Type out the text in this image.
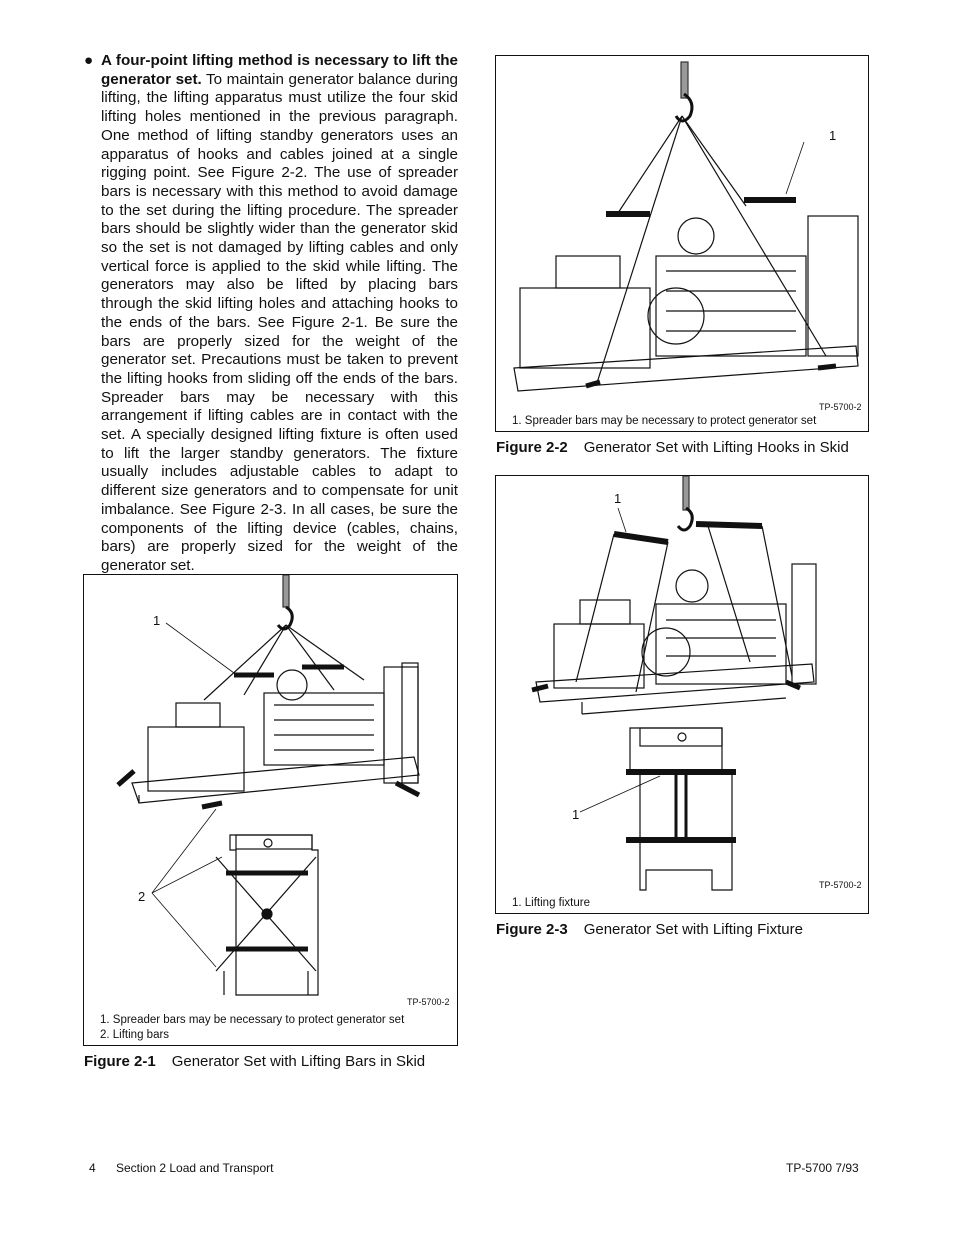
● A four-point lifting method is necessary to lift the generator set. To maintain generator balance during lifting, the lifting apparatus must utilize the four skid lifting holes mentioned in the previous paragraph. One method of lifting standby generators uses an apparatus of hooks and cables joined at a single rigging point. See Figure 2-2. The use of spreader bars is necessary with this method to avoid damage to the set during the lifting procedure. The spreader bars should be slightly wider than the generator skid so the set is not damaged by lifting cables and only vertical force is applied to the skid while lifting. The generators may also be lifted by placing bars through the skid lifting holes and attaching hooks to the ends of the bars. See Figure 2-1. Be sure the bars are properly sized for the weight of the generator set. Precautions must be taken to prevent the lifting hooks from sliding off the ends of the bars. Spreader bars may be necessary with this arrangement if lifting cables are in contact with the set. A specially designed lifting fixture is often used to lift the larger standby generators. The fixture usually includes adjustable cables to adapt to different size generators and to compensate for unit imbalance. See Figure 2-3. In all cases, be sure the components of the lifting device (cables, chains, bars) are properly sized for the weight of the generator set.
1
2
TP-5700-2
1. Spreader bars may be necessary to protect generator set
2. Lifting bars
Figure 2-1 Generator Set with Lifting Bars in Skid
1
TP-5700-2
1. Spreader bars may be necessary to protect generator set
Figure 2-2 Generator Set with Lifting Hooks in Skid
1
1
TP-5700-2
1. Lifting fixture
Figure 2-3 Generator Set with Lifting Fixture
4 Section 2 Load and Transport	TP-5700 7/93
